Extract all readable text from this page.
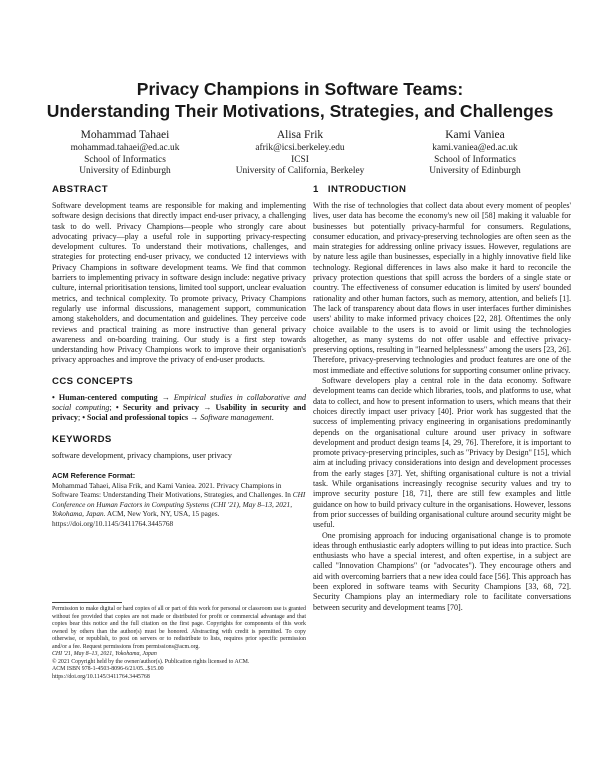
Privacy Champions in Software Teams:
Understanding Their Motivations, Strategies, and Challenges
Mohammad Tahaei
mohammad.tahaei@ed.ac.uk
School of Informatics
University of Edinburgh
Alisa Frik
afrik@icsi.berkeley.edu
ICSI
University of California, Berkeley
Kami Vaniea
kami.vaniea@ed.ac.uk
School of Informatics
University of Edinburgh
ABSTRACT

Software development teams are responsible for making and implementing software design decisions that directly impact end-user privacy, a challenging task to do well. Privacy Champions—people who strongly care about advocating privacy—play a useful role in supporting privacy-respecting development cultures. To understand their motivations, challenges, and strategies for protecting end-user privacy, we conducted 12 interviews with Privacy Champions in software development teams. We find that common barriers to implementing privacy in software design include: negative privacy culture, internal prioritisation tensions, limited tool support, unclear evaluation metrics, and technical complexity. To promote privacy, Privacy Champions regularly use informal discussions, management support, communication among stakeholders, and documentation and guidelines. They perceive code reviews and practical training as more instructive than general privacy awareness and on-boarding training. Our study is a first step towards understanding how Privacy Champions work to improve their organisation's privacy approaches and improve the privacy of end-user products.

CCS CONCEPTS
• Human-centered computing → Empirical studies in collaborative and social computing; • Security and privacy → Usability in security and privacy; • Social and professional topics → Software management.
KEYWORDS

software development, privacy champions, user privacy

ACM Reference Format:
Mohammad Tahaei, Alisa Frik, and Kami Vaniea. 2021. Privacy Champions in Software Teams: Understanding Their Motivations, Strategies, and Challenges. In CHI Conference on Human Factors in Computing Systems (CHI '21), May 8–13, 2021, Yokohama, Japan. ACM, New York, NY, USA, 15 pages. https://doi.org/10.1145/3411764.3445768
Permission to make digital or hard copies of all or part of this work for personal or classroom use is granted without fee provided that copies are not made or distributed for profit or commercial advantage and that copies bear this notice and the full citation on the first page. Copyrights for components of this work owned by others than the author(s) must be honored. Abstracting with credit is permitted. To copy otherwise, or republish, to post on servers or to redistribute to lists, requires prior specific permission and/or a fee. Request permissions from permissions@acm.org.
CHI '21, May 8–13, 2021, Yokohama, Japan
© 2021 Copyright held by the owner/author(s). Publication rights licensed to ACM.
ACM ISBN 978-1-4503-8096-6/21/05...$15.00
https://doi.org/10.1145/3411764.3445768
1   INTRODUCTION

With the rise of technologies that collect data about every moment of peoples' lives, user data has become the economy's new oil [58] making it valuable for businesses but potentially privacy-harmful for consumers. Regulations, consumer education, and privacy-preserving technologies are often seen as the main strategies for addressing online privacy issues. However, regulations are by nature less agile than businesses, especially in a highly innovative field like technology. Regional differences in laws also make it hard to reconcile the privacy protection questions that spill across the borders of a single state or country. The effectiveness of consumer education is limited by users' bounded rationality and other human factors, such as memory, attention, and beliefs [1]. The lack of transparency about data flows in user interfaces further diminishes users' ability to make informed privacy choices [22, 28]. Oftentimes the only choice available to the users is to avoid or limit using the technologies altogether, as many systems do not offer usable and effective privacy-preserving options, resulting in "learned helplessness" among the users [23, 26]. Therefore, privacy-preserving technologies and product features are one of the most immediate and effective solutions for supporting consumer online privacy.

Software developers play a central role in the data economy. Software development teams can decide which libraries, tools, and platforms to use, what data to collect, and how to present information to users, which means that their choices directly impact user privacy [40]. Prior work has suggested that the success of implementing privacy engineering in organisations predominantly depends on the organisational culture around user privacy in software development and product design teams [4, 29, 76]. Therefore, it is important to promote privacy-preserving principles, such as "Privacy by Design" [15], which aim at including privacy considerations into design and development processes from the early stages [37]. Yet, shifting organisational culture is not a trivial task. While organisations increasingly recognise security values and try to improve security posture [18, 71], there are still few examples and little guidance on how to build privacy culture in the organisations. However, lessons from prior successes of building organisational culture around security might be useful.

One promising approach for inducing organisational change is to promote ideas through enthusiastic early adopters willing to put ideas into practice. Such enthusiasts who have a special interest, and often expertise, in a subject are called "Innovation Champions" (or "advocates"). They encourage others and aid with overcoming barriers that a new idea could face [56]. This approach has been explored in software teams with Security Champions [33, 68, 72]. Security Champions play an intermediary role to facilitate conversations between security and development teams [70].
